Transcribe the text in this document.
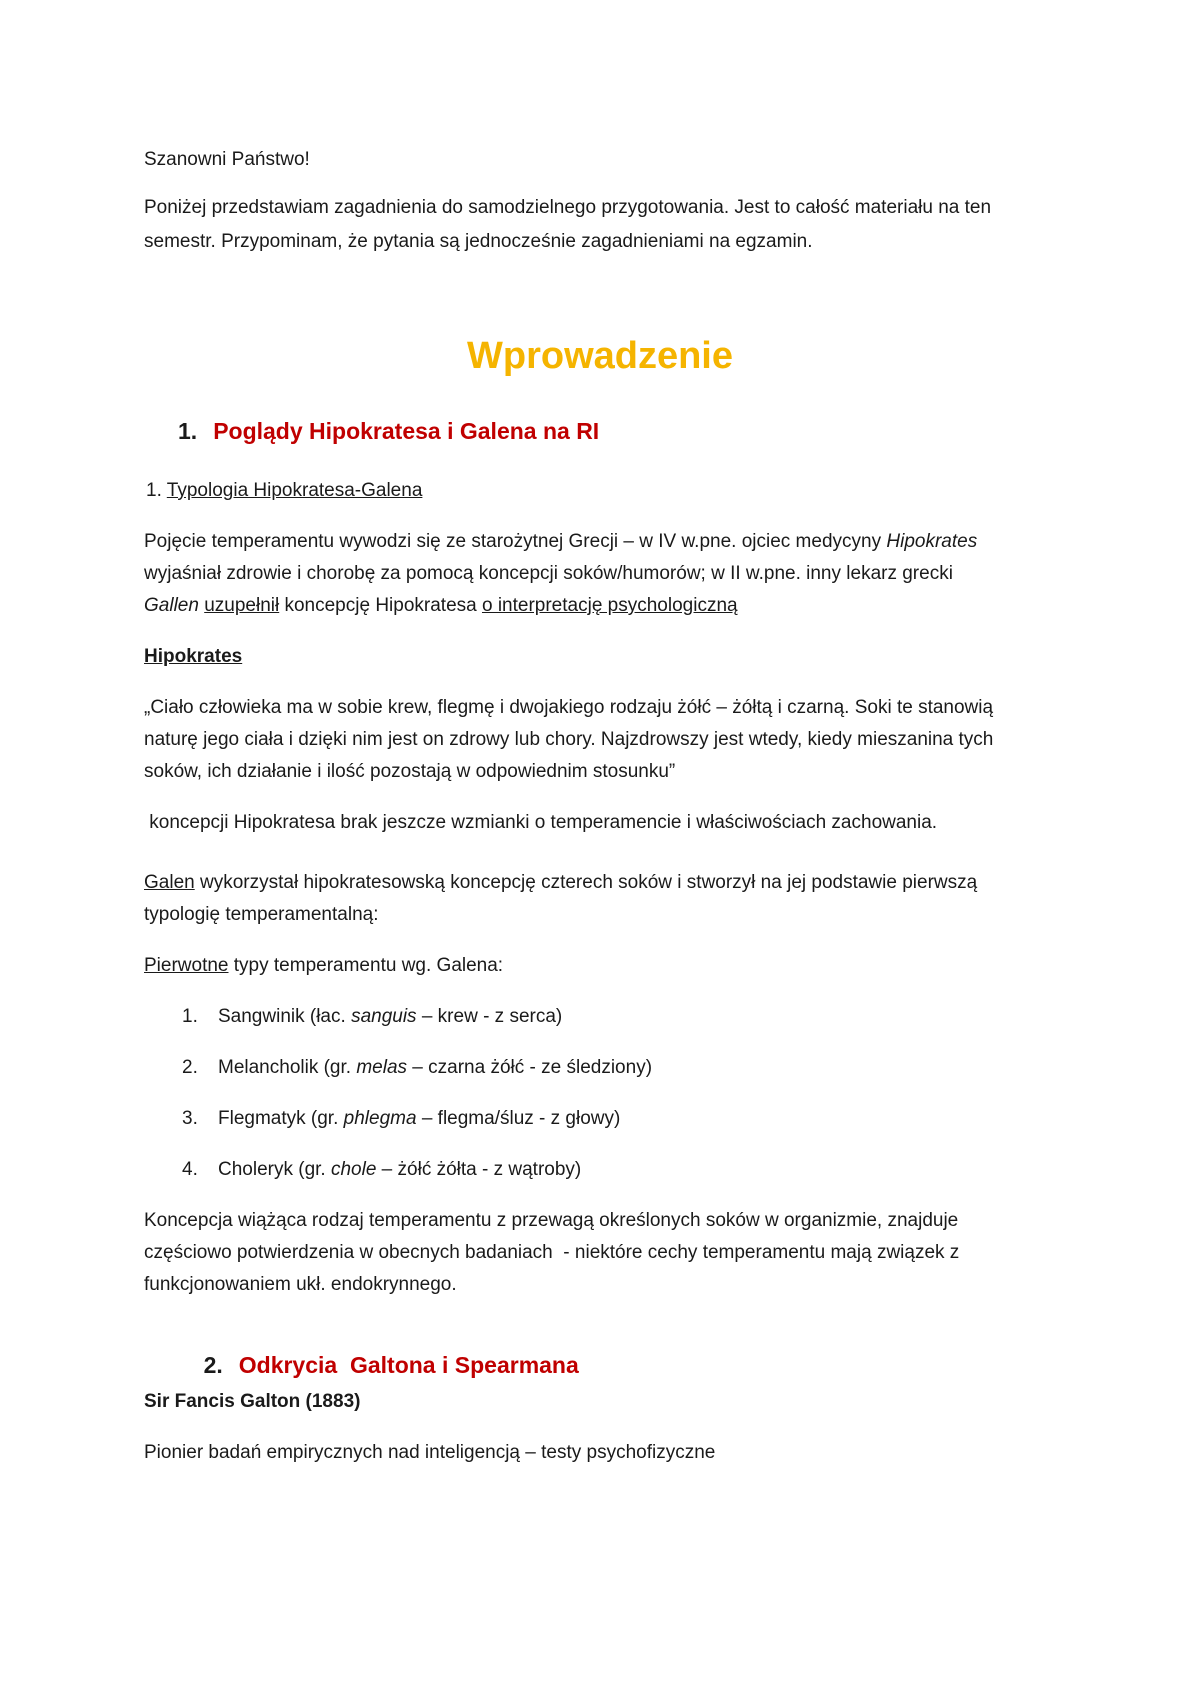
Szanowni Państwo!

Poniżej przedstawiam zagadnienia do samodzielnego przygotowania. Jest to całość materiału na ten

semestr. Przypominam, że pytania są jednocześnie zagadnieniami na egzamin.

Wprowadzenie
1. Poglądy Hipokratesa i Galena na RI

1. Typologia Hipokratesa-Galena

Pojęcie temperamentu wywodzi się ze starożytnej Grecji – w IV w.pne. ojciec medycyny Hipokrates

wyjaśniał zdrowie i chorobę za pomocą koncepcji soków/humorów; w II w.pne. inny lekarz grecki

Gallen uzupełnił koncepcję Hipokratesa o interpretację psychologiczną

Hipokrates

„Ciało człowieka ma w sobie krew, flegmę i dwojakiego rodzaju żółć – żółtą i czarną. Soki te stanowią

naturę jego ciała i dzięki nim jest on zdrowy lub chory. Najzdrowszy jest wtedy, kiedy mieszanina tych

soków, ich działanie i ilość pozostają w odpowiednim stosunku”

koncepcji Hipokratesa brak jeszcze wzmianki o temperamencie i właściwościach zachowania.

Galen wykorzystał hipokratesowską koncepcję czterech soków i stworzył na jej podstawie pierwszą

typologię temperamentalną:

Pierwotne typy temperamentu wg. Galena:

1. Sangwinik (łac. sanguis – krew - z serca)

2. Melancholik (gr. melas – czarna żółć - ze śledziony)

3. Flegmatyk (gr. phlegma – flegma/śluz - z głowy)

4. Choleryk (gr. chole – żółć żółta - z wątroby)

Koncepcja wiążąca rodzaj temperamentu z przewagą określonych soków w organizmie, znajduje

częściowo potwierdzenia w obecnych badaniach  - niektóre cechy temperamentu mają związek z

funkcjonowaniem ukł. endokrynnego.

2. Odkrycia  Galtona i Spearmana

Sir Fancis Galton (1883)

Pionier badań empirycznych nad inteligencją – testy psychofizyczne
